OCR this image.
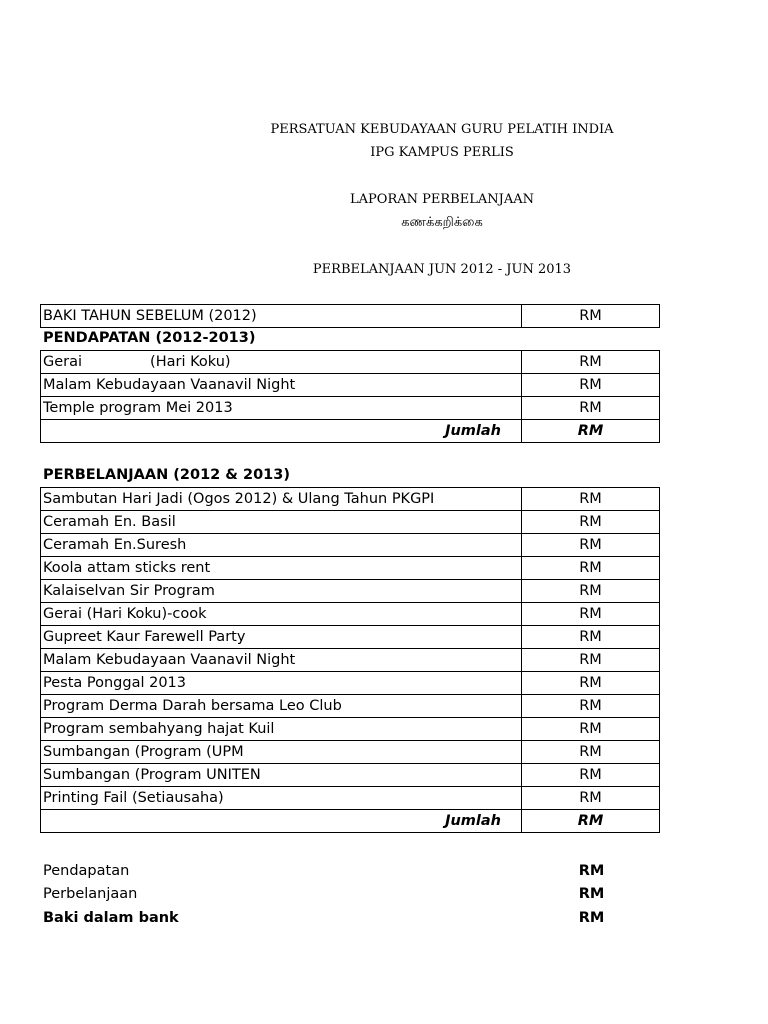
PERSATUAN KEBUDAYAAN GURU PELATIH INDIA
IPG KAMPUS PERLIS
LAPORAN PERBELANJAAN
கணக்கறிக்கை
PERBELANJAAN JUN 2012 - JUN 2013
BAKI TAHUN SEBELUM (2012)	RM
PENDAPATAN (2012-2013)
Gerai (Hari Koku)	RM
Malam Kebudayaan Vaanavil Night	RM
Temple program Mei 2013	RM
Jumlah	RM
PERBELANJAAN (2012 & 2013)
Sambutan Hari Jadi (Ogos 2012) & Ulang Tahun PKGPI	RM
Ceramah En. Basil	RM
Ceramah En.Suresh	RM
Koola attam sticks rent	RM
Kalaiselvan Sir Program	RM
Gerai (Hari Koku)-cook	RM
Gupreet Kaur Farewell Party	RM
Malam Kebudayaan Vaanavil Night	RM
Pesta Ponggal 2013	RM
Program Derma Darah bersama Leo Club	RM
Program sembahyang hajat Kuil	RM
Sumbangan (Program (UPM	RM
Sumbangan (Program UNITEN	RM
Printing Fail (Setiausaha)	RM
Jumlah	RM
Pendapatan	RM
Perbelanjaan	RM
Baki dalam bank	RM
